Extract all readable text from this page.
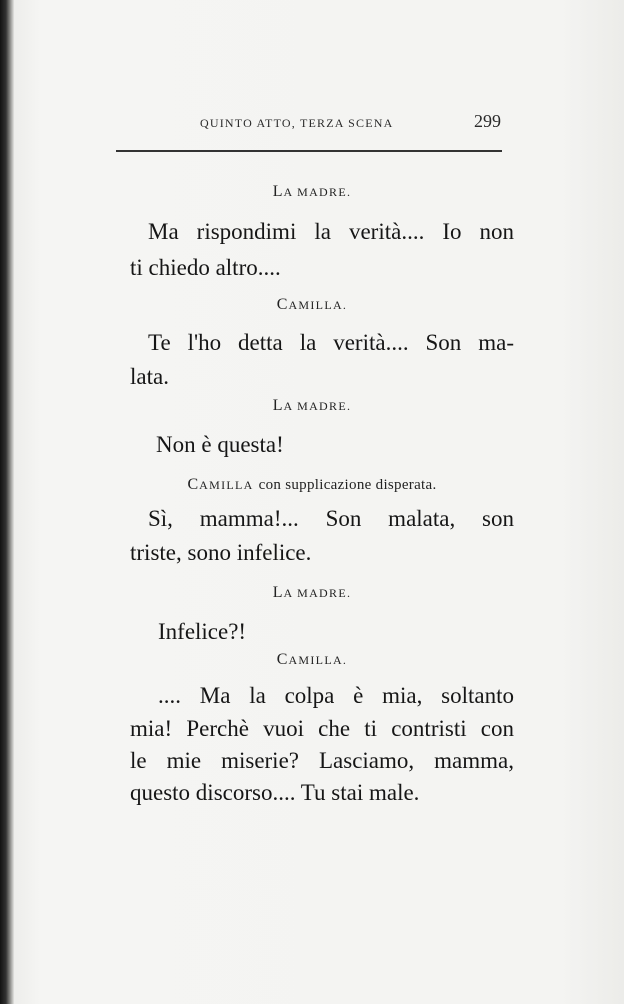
QUINTO ATTO, TERZA SCENA	299
LA MADRE.
Ma rispondimi la verità.... Io non
ti chiedo altro....
CAMILLA.
Te l'ho detta la verità.... Son ma-
lata.
LA MADRE.
Non è questa!
CAMILLA con supplicazione disperata.
Sì, mamma!... Son malata, son
triste, sono infelice.
LA MADRE.
Infelice?!
CAMILLA.
.... Ma la colpa è mia, soltanto
mia! Perchè vuoi che ti contristi con
le mie miserie? Lasciamo, mamma,
questo discorso.... Tu stai male.
